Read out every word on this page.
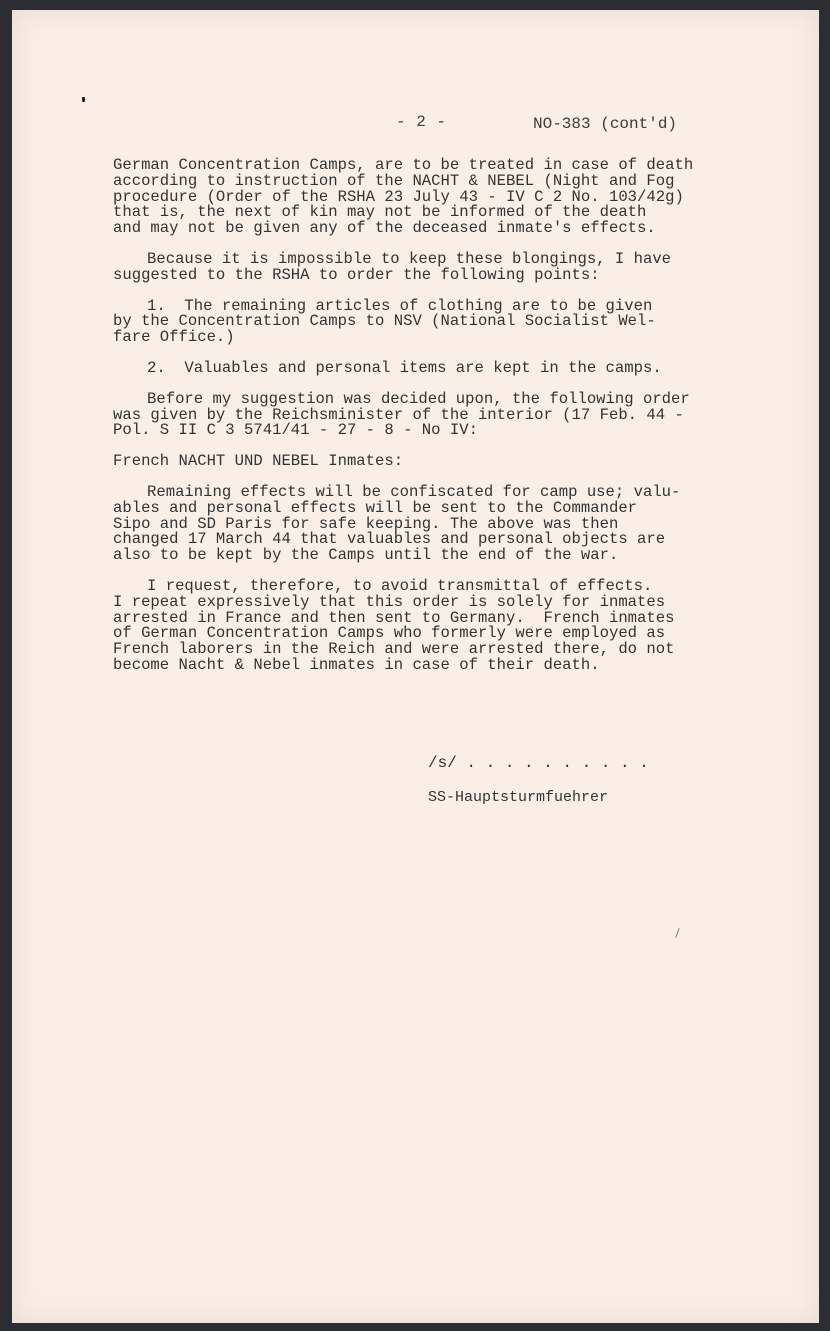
- 2 -	NO-383 (cont'd)
German Concentration Camps, are to be treated in case of death
according to instruction of the NACHT & NEBEL (Night and Fog
procedure (Order of the RSHA 23 July 43 - IV C 2 No. 103/42g)
that is, the next of kin may not be informed of the death
and may not be given any of the deceased inmate's effects.
Because it is impossible to keep these blongings, I have
suggested to the RSHA to order the following points:
1.  The remaining articles of clothing are to be given
by the Concentration Camps to NSV (National Socialist Wel-
fare Office.)
2.  Valuables and personal items are kept in the camps.
Before my suggestion was decided upon, the following order
was given by the Reichsminister of the interior (17 Feb. 44 -
Pol. S II C 3 5741/41 - 27 - 8 - No IV:
French NACHT UND NEBEL Inmates:
Remaining effects will be confiscated for camp use; valu-
ables and personal effects will be sent to the Commander
Sipo and SD Paris for safe keeping. The above was then
changed 17 March 44 that valuables and personal objects are
also to be kept by the Camps until the end of the war.
I request, therefore, to avoid transmittal of effects.
I repeat expressively that this order is solely for inmates
arrested in France and then sent to Germany.  French inmates
of German Concentration Camps who formerly were employed as
French laborers in the Reich and were arrested there, do not
become Nacht & Nebel inmates in case of their death.
/s/ . . . . . . . . . .
SS-Hauptsturmfuehrer
